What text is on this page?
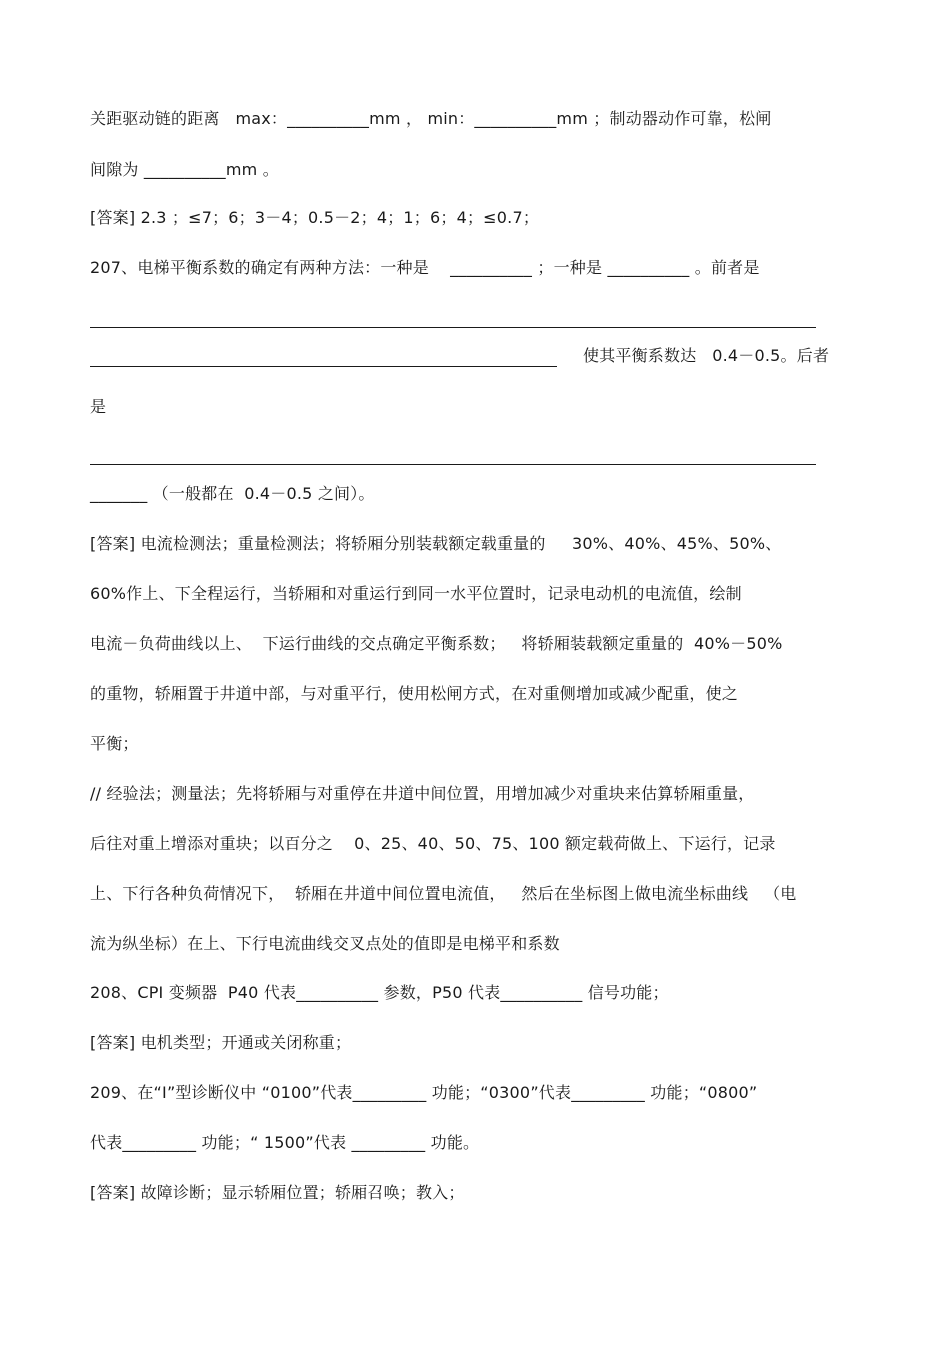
关距驱动链的距离   max：__________mm ， min：__________mm ；制动器动作可靠，松闸
间隙为 __________mm 。
[答案] 2.3 ；≤7；6；3－4；0.5－2；4；1；6；4；≤0.7；
207、电梯平衡系数的确定有两种方法：一种是    __________ ；一种是 __________ 。前者是
使其平衡系数达   0.4－0.5。后者
是
_______ （一般都在  0.4－0.5 之间）。
[答案] 电流检测法；重量检测法；将轿厢分别装载额定载重量的     30%、40%、45%、50%、
60%作上、下全程运行，当轿厢和对重运行到同一水平位置时，记录电动机的电流值，绘制
电流－负荷曲线以上、  下运行曲线的交点确定平衡系数；   将轿厢装载额定重量的  40%－50%
的重物，轿厢置于井道中部，与对重平行，使用松闸方式，在对重侧增加或减少配重，使之
平衡；
// 经验法；测量法；先将轿厢与对重停在井道中间位置，用增加减少对重块来估算轿厢重量，
后往对重上增添对重块；以百分之    0、25、40、50、75、100 额定载荷做上、下运行，记录
上、下行各种负荷情况下，  轿厢在井道中间位置电流值，   然后在坐标图上做电流坐标曲线   （电
流为纵坐标）在上、下行电流曲线交叉点处的值即是电梯平和系数
208、CPI 变频器  P40 代表__________ 参数，P50 代表__________ 信号功能；
[答案] 电机类型；开通或关闭称重；
209、在“I”型诊断仪中 “0100”代表_________ 功能；“0300”代表_________ 功能；“0800”
代表_________ 功能；“ 1500”代表 _________ 功能。
[答案] 故障诊断；显示轿厢位置；轿厢召唤；教入；
